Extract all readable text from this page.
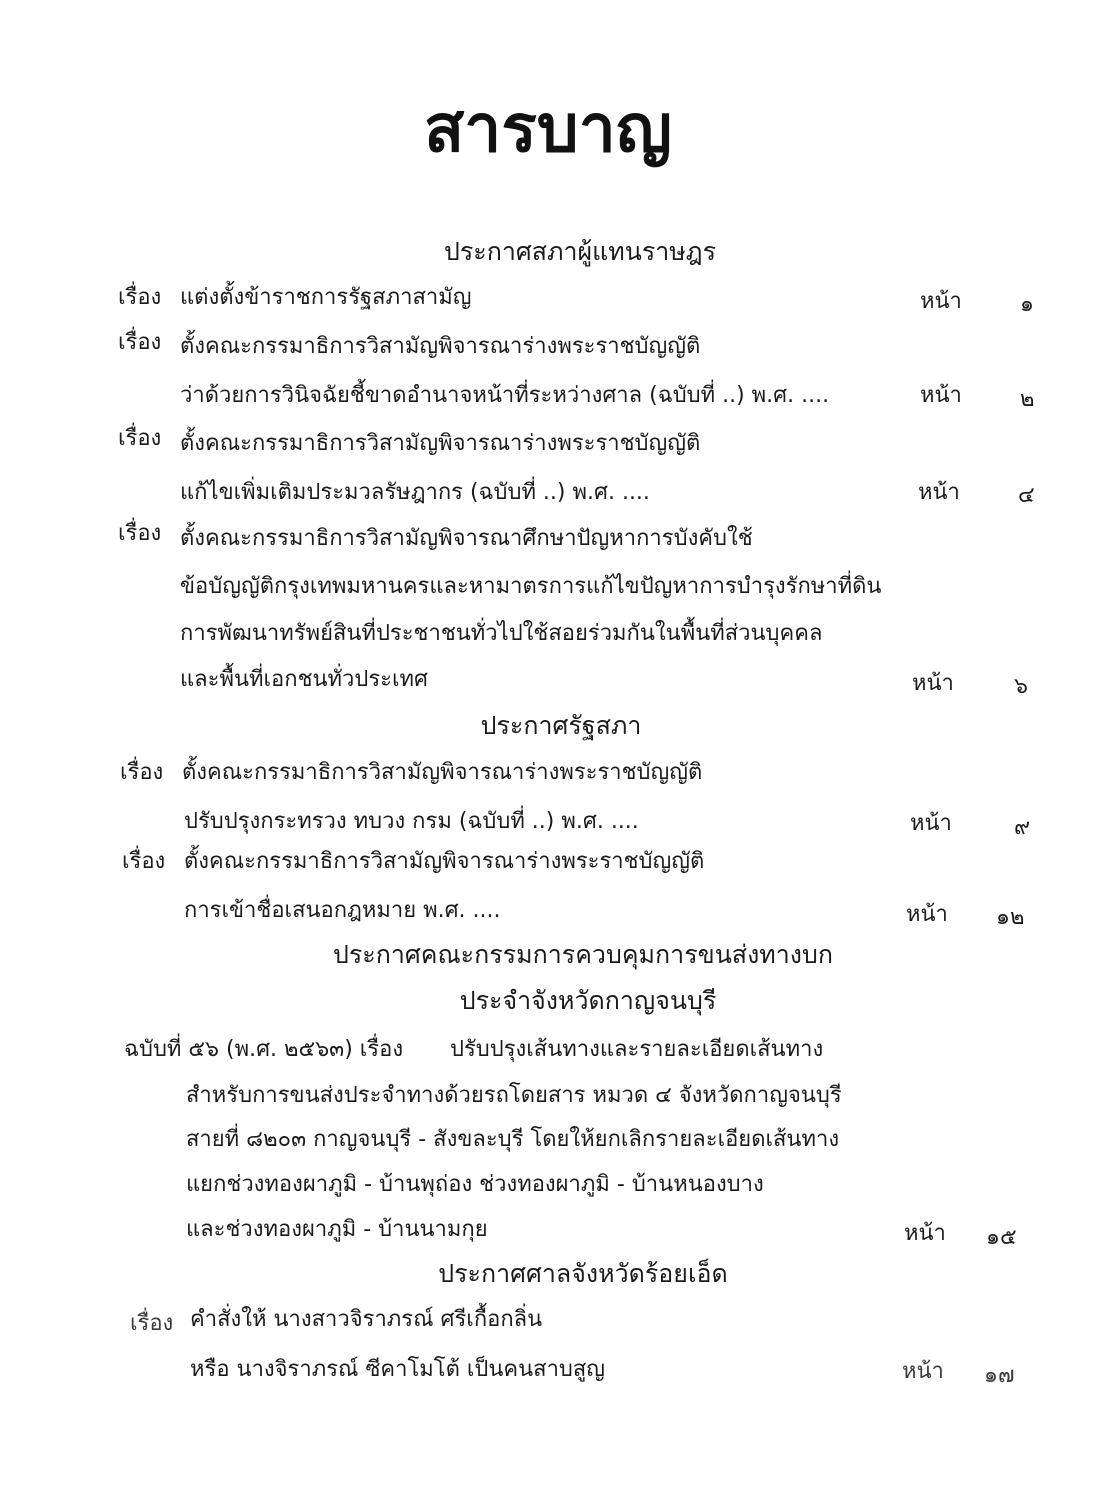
สารบาญ
ประกาศสภาผู้แทนราษฎร
เรื่อง แต่งตั้งข้าราชการรัฐสภาสามัญ	หน้า	๑
เรื่อง ตั้งคณะกรรมาธิการวิสามัญพิจารณาร่างพระราชบัญญัติ
ว่าด้วยการวินิจฉัยชี้ขาดอำนาจหน้าที่ระหว่างศาล (ฉบับที่ ..) พ.ศ. ....	หน้า	๒
เรื่อง ตั้งคณะกรรมาธิการวิสามัญพิจารณาร่างพระราชบัญญัติ
แก้ไขเพิ่มเติมประมวลรัษฎากร (ฉบับที่ ..) พ.ศ. ....	หน้า	๔
เรื่อง ตั้งคณะกรรมาธิการวิสามัญพิจารณาศึกษาปัญหาการบังคับใช้
ข้อบัญญัติกรุงเทพมหานครและหามาตรการแก้ไขปัญหาการบำรุงรักษาที่ดิน
การพัฒนาทรัพย์สินที่ประชาชนทั่วไปใช้สอยร่วมกันในพื้นที่ส่วนบุคคล
และพื้นที่เอกชนทั่วประเทศ	หน้า	๖
ประกาศรัฐสภา
เรื่อง ตั้งคณะกรรมาธิการวิสามัญพิจารณาร่างพระราชบัญญัติ
ปรับปรุงกระทรวง ทบวง กรม (ฉบับที่ ..) พ.ศ. ....	หน้า	๙
เรื่อง ตั้งคณะกรรมาธิการวิสามัญพิจารณาร่างพระราชบัญญัติ
การเข้าชื่อเสนอกฎหมาย พ.ศ. ....	หน้า ๑๒
ประกาศคณะกรรมการควบคุมการขนส่งทางบก
ประจำจังหวัดกาญจนบุรี
ฉบับที่ ๕๖ (พ.ศ. ๒๕๖๓) เรื่อง ปรับปรุงเส้นทางและรายละเอียดเส้นทาง
สำหรับการขนส่งประจำทางด้วยรถโดยสาร หมวด ๔ จังหวัดกาญจนบุรี
สายที่ ๘๒๐๓ กาญจนบุรี - สังขละบุรี โดยให้ยกเลิกรายละเอียดเส้นทาง
แยกช่วงทองผาภูมิ - บ้านพุถ่อง ช่วงทองผาภูมิ - บ้านหนองบาง
และช่วงทองผาภูมิ - บ้านนามกุย	หน้า ๑๕
ประกาศศาลจังหวัดร้อยเอ็ด
เรื่อง คำสั่งให้ นางสาวจิราภรณ์ ศรีเกื้อกลิ่น
หรือ นางจิราภรณ์ ซีคาโมโต้ เป็นคนสาบสูญ	หน้า ๑๗
